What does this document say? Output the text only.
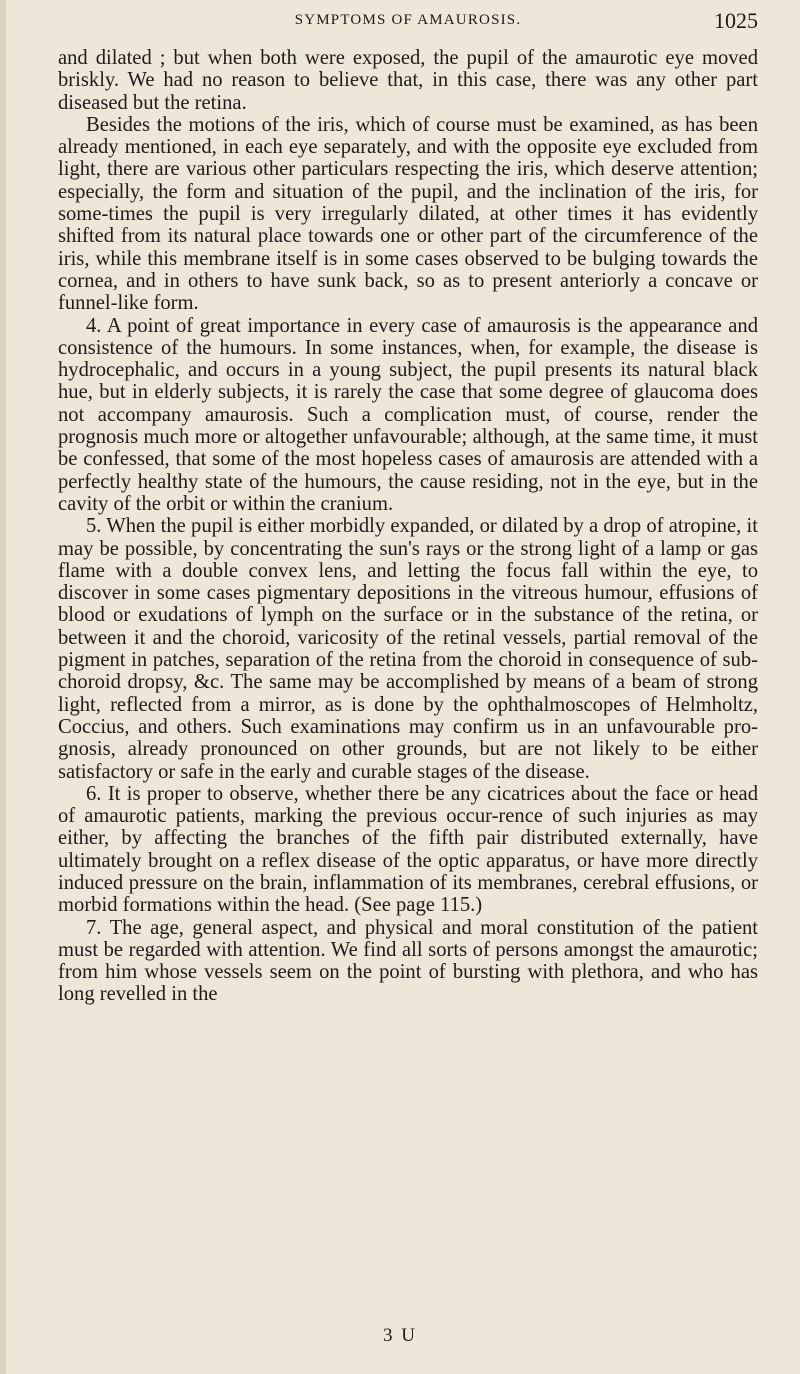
SYMPTOMS OF AMAUROSIS.	1025

and dilated ; but when both were exposed, the pupil of the amaurotic eye moved briskly. We had no reason to believe that, in this case, there was any other part diseased but the retina.

Besides the motions of the iris, which of course must be examined, as has been already mentioned, in each eye separately, and with the opposite eye excluded from light, there are various other particulars respecting the iris, which deserve attention; especially, the form and situation of the pupil, and the inclination of the iris, for some-times the pupil is very irregularly dilated, at other times it has evidently shifted from its natural place towards one or other part of the circumference of the iris, while this membrane itself is in some cases observed to be bulging towards the cornea, and in others to have sunk back, so as to present anteriorly a concave or funnel-like form.

4. A point of great importance in every case of amaurosis is the appearance and consistence of the humours. In some instances, when, for example, the disease is hydrocephalic, and occurs in a young subject, the pupil presents its natural black hue, but in elderly subjects, it is rarely the case that some degree of glaucoma does not accompany amaurosis. Such a complication must, of course, render the prognosis much more or altogether unfavourable; although, at the same time, it must be confessed, that some of the most hopeless cases of amaurosis are attended with a perfectly healthy state of the humours, the cause residing, not in the eye, but in the cavity of the orbit or within the cranium.

5. When the pupil is either morbidly expanded, or dilated by a drop of atropine, it may be possible, by concentrating the sun's rays or the strong light of a lamp or gas flame with a double convex lens, and letting the focus fall within the eye, to discover in some cases pigmentary depositions in the vitreous humour, effusions of blood or exudations of lymph on the surface or in the substance of the retina, or between it and the choroid, varicosity of the retinal vessels, partial removal of the pigment in patches, separation of the retina from the choroid in consequence of sub-choroid dropsy, &c. The same may be accomplished by means of a beam of strong light, reflected from a mirror, as is done by the ophthalmoscopes of Helmholtz, Coccius, and others. Such examinations may confirm us in an unfavourable pro-gnosis, already pronounced on other grounds, but are not likely to be either satisfactory or safe in the early and curable stages of the disease.

6. It is proper to observe, whether there be any cicatrices about the face or head of amaurotic patients, marking the previous occur-rence of such injuries as may either, by affecting the branches of the fifth pair distributed externally, have ultimately brought on a reflex disease of the optic apparatus, or have more directly induced pressure on the brain, inflammation of its membranes, cerebral effusions, or morbid formations within the head. (See page 115.)

7. The age, general aspect, and physical and moral constitution of the patient must be regarded with attention. We find all sorts of persons amongst the amaurotic; from him whose vessels seem on the point of bursting with plethora, and who has long revelled in the

3 U
